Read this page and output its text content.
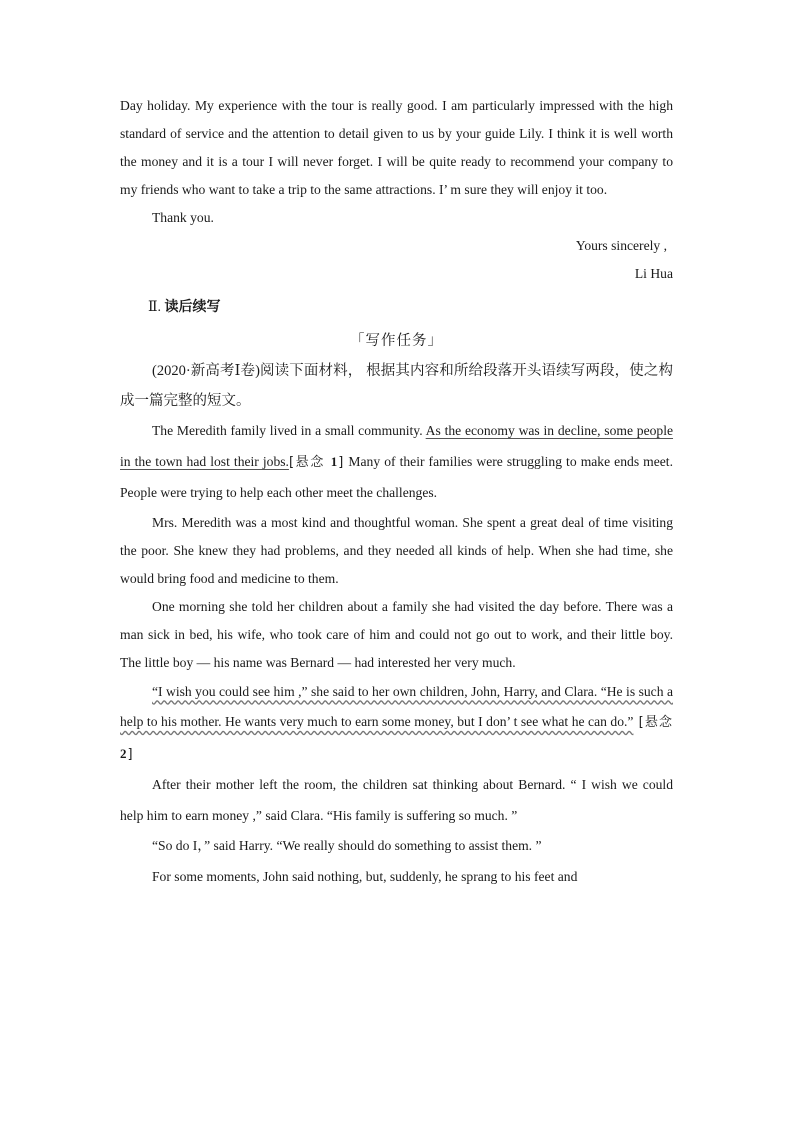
Day holiday. My experience with the tour is really good. I am particularly impressed with the high standard of service and the attention to detail given to us by your guide Lily. I think it is well worth the money and it is a tour I will never forget. I will be quite ready to recommend your company to my friends who want to take a trip to the same attractions. I’ m sure they will enjoy it too.

Thank you.

Yours sincerely ,

Li Hua

Ⅱ. 读后续写

「写作任务」

(2020·新高考Ⅰ卷)阅读下面材料， 根据其内容和所给段落开头语续写两段，使之构成一篇完整的短文。

The Meredith family lived in a small community. As the economy was in decline, some people in the town had lost their jobs.[悬念 1] Many of their families were struggling to make ends meet. People were trying to help each other meet the challenges.

Mrs. Meredith was a most kind and thoughtful woman. She spent a great deal of time visiting the poor. She knew they had problems, and they needed all kinds of help. When she had time, she would bring food and medicine to them.

One morning she told her children about a family she had visited the day before. There was a man sick in bed, his wife, who took care of him and could not go out to work, and their little boy. The little boy — his name was Bernard — had interested her very much.

“I wish you could see him ,” she said to her own children, John, Harry, and Clara. “He is such a help to his mother. He wants very much to earn some money, but I don’ t see what he can do.” [悬念 2]

After their mother left the room, the children sat thinking about Bernard. “ I wish we could help him to earn money ,” said Clara. “His family is suffering so much. ”

“So do I，” said Harry. “We really should do something to assist them. ”

For some moments, John said nothing, but, suddenly, he sprang to his feet and
